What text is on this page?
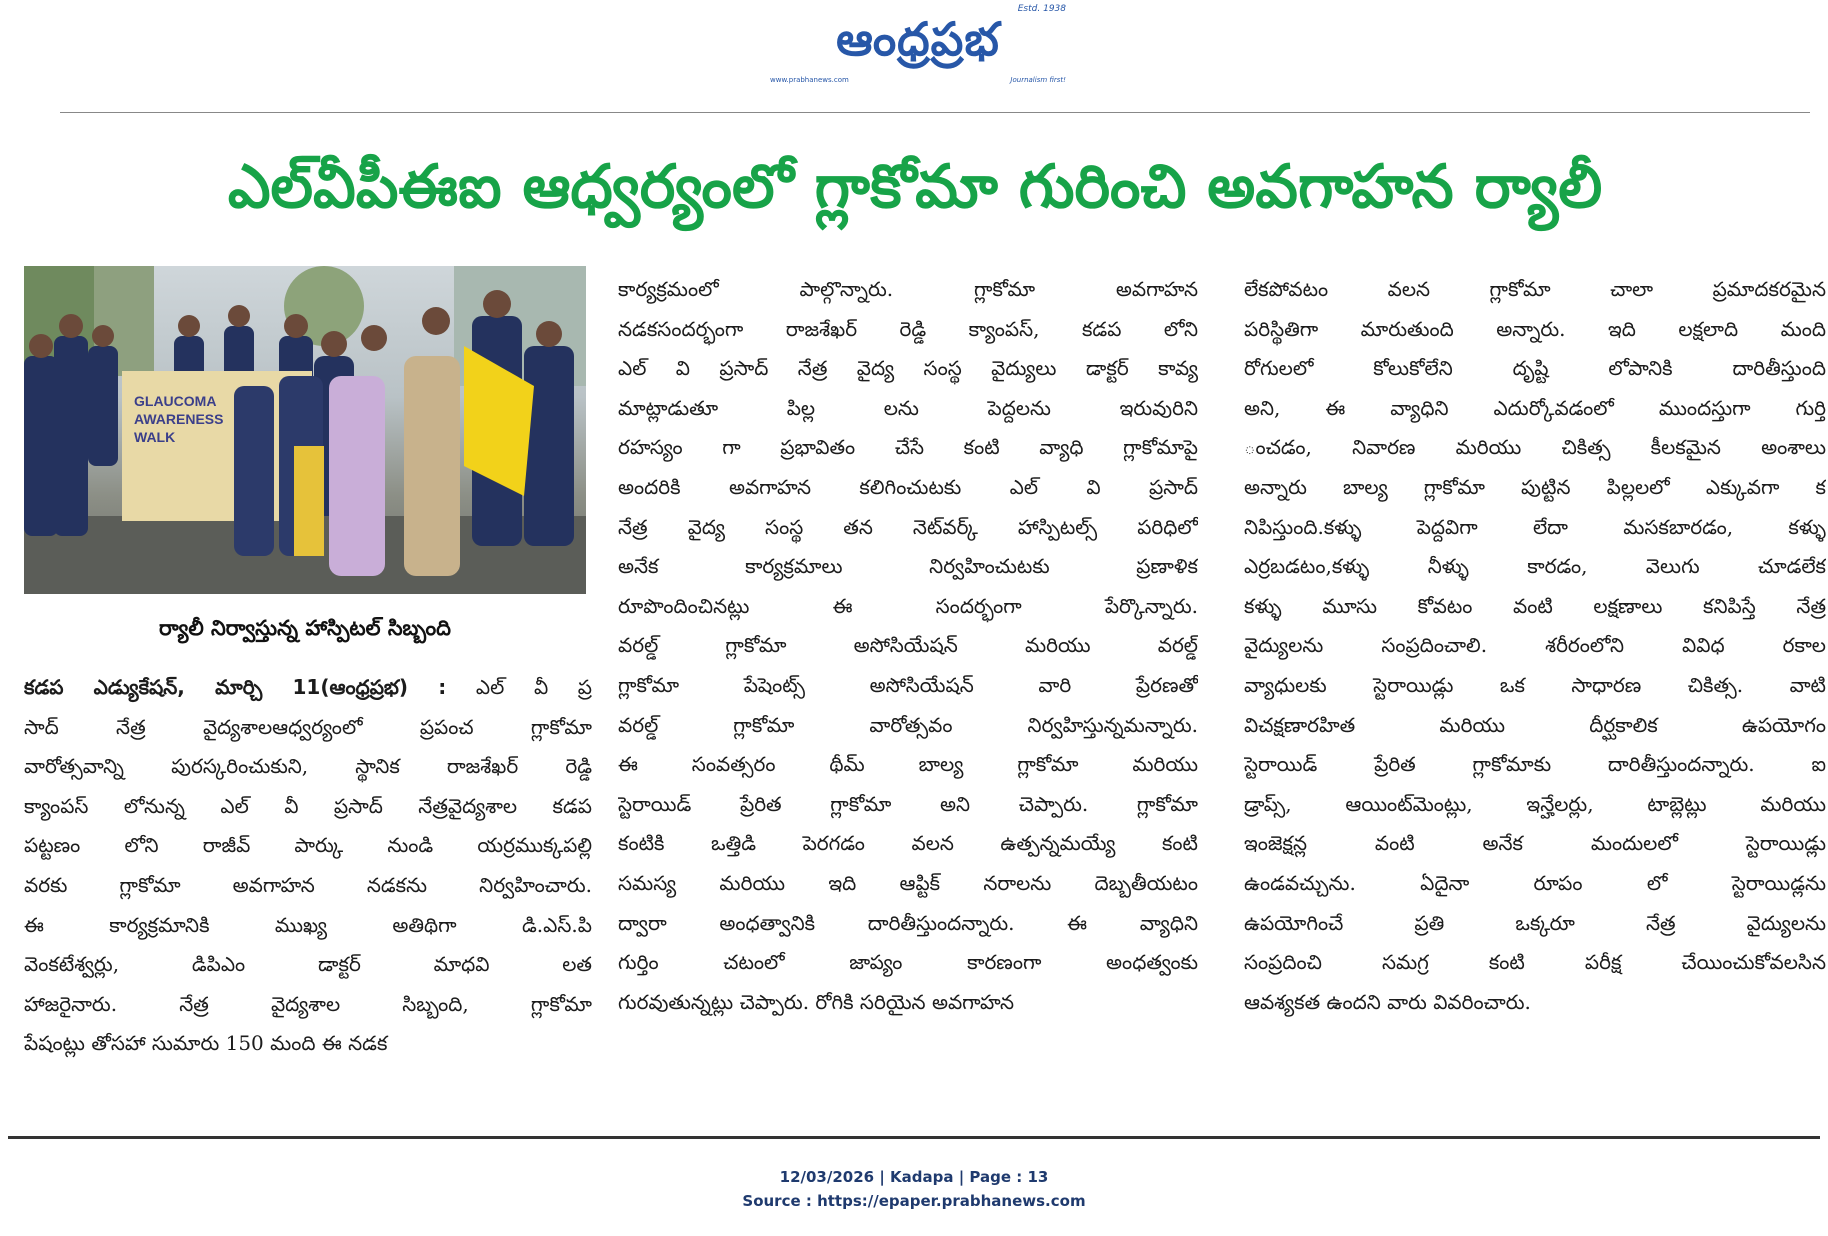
ఆంధ్రప్రభ
Estd. 1938
www.prabhanews.com	Journalism first!
ఎల్‌వీపీఈఐ ఆధ్వర్యంలో గ్లాకోమా గురించి అవగాహన ర్యాలీ
GLAUCOMA
AWARENESS
WALK
ర్యాలీ నిర్వాస్తున్న హాస్పిటల్ సిబ్బంది
కడప ఎడ్యుకేషన్, మార్చి 11(ఆంధ్రప్రభ) : ఎల్ వీ ప్ర
సాద్ నేత్ర వైద్యశాలఆధ్వర్యంలో ప్రపంచ గ్లాకోమా
వారోత్సవాన్ని పురస్కరించుకుని, స్థానిక రాజశేఖర్ రెడ్డి
క్యాంపస్ లోనున్న ఎల్ వీ ప్రసాద్ నేత్రవైద్యశాల కడప
పట్టణం లోని రాజీవ్ పార్కు నుండి యర్రముక్కపల్లి
వరకు గ్లాకోమా అవగాహన నడకను నిర్వహించారు.
ఈ కార్యక్రమానికి ముఖ్య అతిథిగా డి.ఎస్.పి
వెంకటేశ్వర్లు, డిపిఎం డాక్టర్ మాధవి లత
హాజరైనారు. నేత్ర వైద్యశాల సిబ్బంది, గ్లాకోమా
పేషంట్లు తోసహా సుమారు 150 మంది ఈ నడక
కార్యక్రమంలో పాల్గొన్నారు. గ్లాకోమా అవగాహన
నడకసందర్భంగా రాజశేఖర్ రెడ్డి క్యాంపస్, కడప లోని
ఎల్ వి ప్రసాద్ నేత్ర వైద్య సంస్థ వైద్యులు డాక్టర్ కావ్య
మాట్లాడుతూ పిల్ల లను పెద్దలను ఇరువురిని
రహస్యం గా ప్రభావితం చేసే కంటి వ్యాధి గ్లాకోమాపై
అందరికి అవగాహన కలిగించుటకు ఎల్ వి ప్రసాద్
నేత్ర వైద్య సంస్థ తన నెట్‌వర్క్ హాస్పిటల్స్ పరిధిలో
అనేక కార్యక్రమాలు నిర్వహించుటకు ప్రణాళిక
రూపొందించినట్లు ఈ సందర్భంగా పేర్కొన్నారు.
వరల్డ్ గ్లాకోమా అసోసియేషన్ మరియు వరల్డ్
గ్లాకోమా పేషెంట్స్ అసోసియేషన్ వారి ప్రేరణతో
వరల్డ్ గ్లాకోమా వారోత్సవం నిర్వహిస్తున్నమన్నారు.
ఈ సంవత్సరం థీమ్ బాల్య గ్లాకోమా మరియు
స్టెరాయిడ్ ప్రేరిత గ్లాకోమా అని చెప్పారు. గ్లాకోమా
కంటికి ఒత్తిడి పెరగడం వలన ఉత్పన్నమయ్యే కంటి
సమస్య మరియు ఇది ఆప్టిక్ నరాలను దెబ్బతీయటం
ద్వారా అంధత్వానికి దారితీస్తుందన్నారు. ఈ వ్యాధిని
గుర్తిం చటంలో జాప్యం కారణంగా అంధత్వంకు
గురవుతున్నట్లు చెప్పారు. రోగికి సరియైన అవగాహన
లేకపోవటం వలన గ్లాకోమా చాలా ప్రమాదకరమైన
పరిస్థితిగా మారుతుంది అన్నారు. ఇది లక్షలాది మంది
రోగులలో కోలుకోలేని దృష్టి లోపానికి దారితీస్తుంది
అని, ఈ వ్యాధిని ఎదుర్కోవడంలో ముందస్తుగా గుర్తి
ంచడం, నివారణ మరియు చికిత్స కీలకమైన అంశాలు
అన్నారు బాల్య గ్లాకోమా పుట్టిన పిల్లలలో ఎక్కువగా క
నిపిస్తుంది.కళ్ళు పెద్దవిగా లేదా మసకబారడం, కళ్ళు
ఎర్రబడటం,కళ్ళు నీళ్ళు కారడం, వెలుగు చూడలేక
కళ్ళు మూసు కోవటం వంటి లక్షణాలు కనిపిస్తే నేత్ర
వైద్యులను సంప్రదించాలి. శరీరంలోని వివిధ రకాల
వ్యాధులకు స్టెరాయిడ్లు ఒక సాధారణ చికిత్స. వాటి
విచక్షణారహిత మరియు దీర్ఘకాలిక ఉపయోగం
స్టెరాయిడ్ ప్రేరిత గ్లాకోమాకు దారితీస్తుందన్నారు. ఐ
డ్రాప్స్, ఆయింట్‌మెంట్లు, ఇన్హేలర్లు, టాబ్లెట్లు మరియు
ఇంజెక్షన్ల వంటి అనేక మందులలో స్టెరాయిడ్లు
ఉండవచ్చును. ఏదైనా రూపం లో స్టెరాయిడ్లను
ఉపయోగించే ప్రతి ఒక్కరూ నేత్ర వైద్యులను
సంప్రదించి సమగ్ర కంటి పరీక్ష చేయించుకోవలసిన
ఆవశ్యకత ఉందని వారు వివరించారు.
12/03/2026 | Kadapa | Page : 13
Source : https://epaper.prabhanews.com
